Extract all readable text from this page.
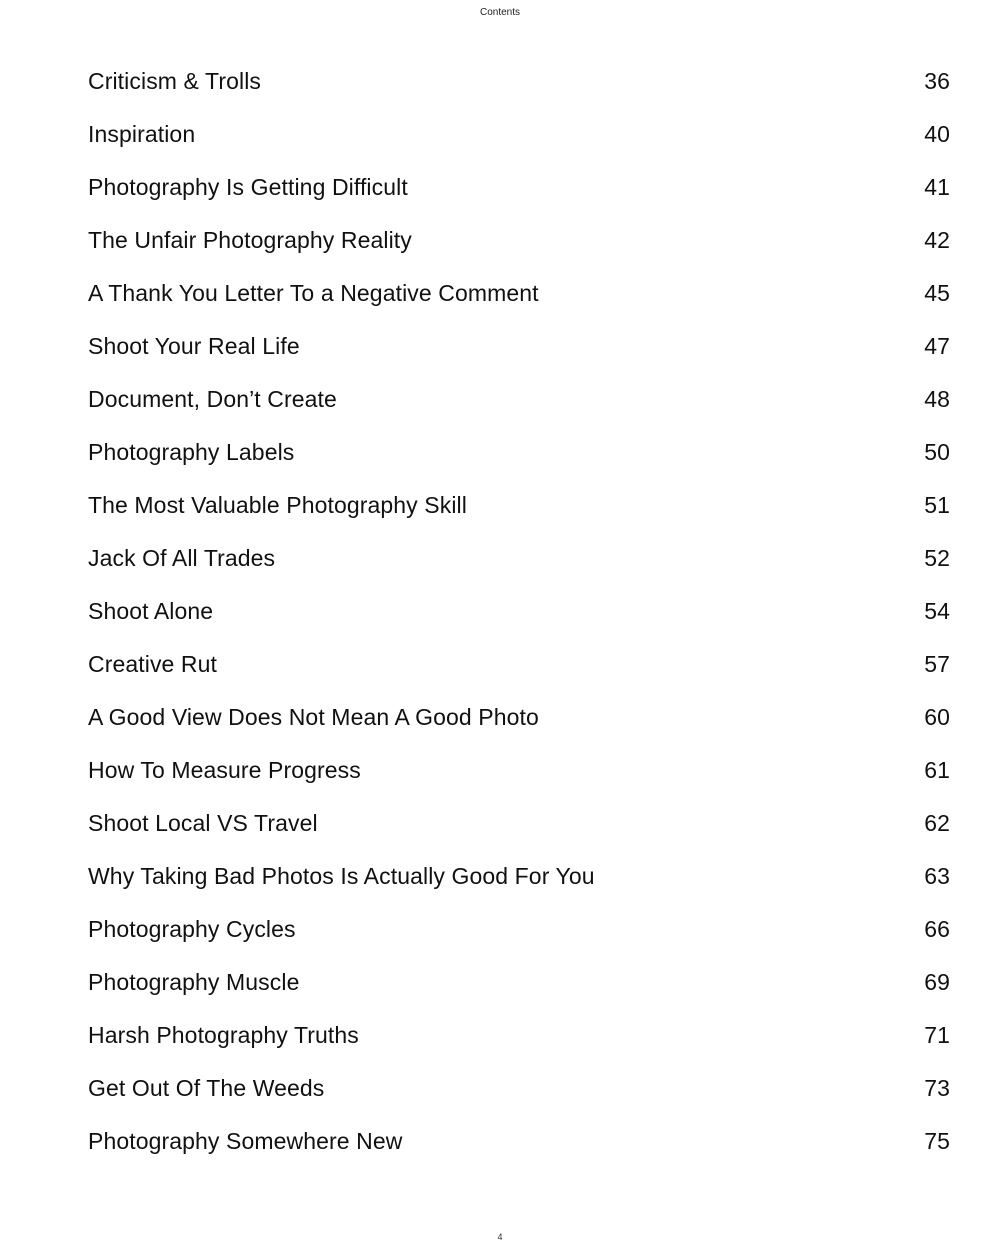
Contents
Criticism & Trolls	36
Inspiration	40
Photography Is Getting Difficult	41
The Unfair Photography Reality	42
A Thank You Letter To a Negative Comment	45
Shoot Your Real Life	47
Document, Don’t Create	48
Photography Labels	50
The Most Valuable Photography Skill	51
Jack Of All Trades	52
Shoot Alone	54
Creative Rut	57
A Good View Does Not Mean A Good Photo	60
How To Measure Progress	61
Shoot Local VS Travel	62
Why Taking Bad Photos Is Actually Good For You	63
Photography Cycles	66
Photography Muscle	69
Harsh Photography Truths	71
Get Out Of The Weeds	73
Photography Somewhere New	75
4
